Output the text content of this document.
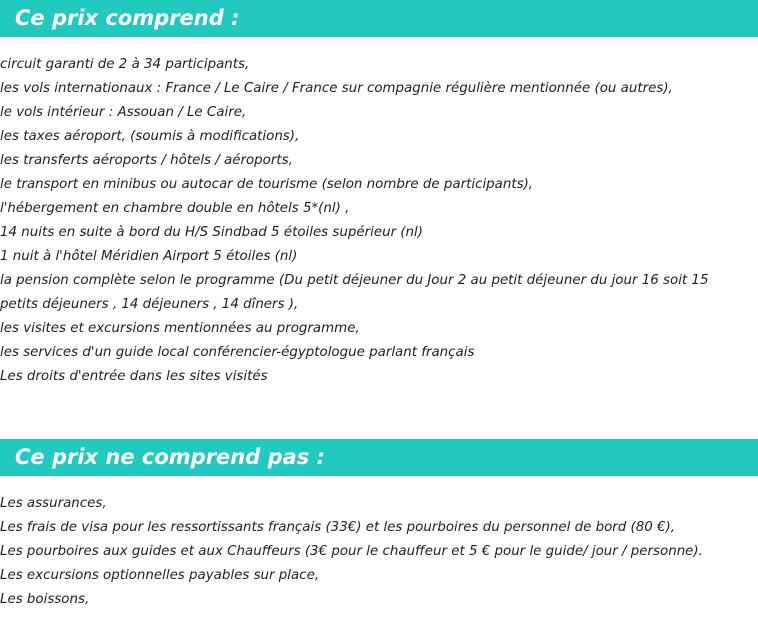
Ce prix comprend :
circuit garanti de 2 à 34 participants,
les vols internationaux : France / Le Caire / France sur compagnie régulière mentionnée (ou autres),
le vols intérieur : Assouan / Le Caire,
les taxes aéroport, (soumis à modifications),
les transferts aéroports / hôtels / aéroports,
le transport en minibus ou autocar de tourisme (selon nombre de participants),
l'hébergement en chambre double en hôtels 5*(nl) ,
14 nuits en suite à bord du H/S Sindbad 5 étoiles supérieur (nl)
1 nuit à l'hôtel Méridien Airport 5 étoiles (nl)
la pension complète selon le programme (Du petit déjeuner du Jour 2 au petit déjeuner du jour 16 soit 15 petits déjeuners , 14 déjeuners , 14 dîners ),
les visites et excursions mentionnées au programme,
les services d'un guide local conférencier-égyptologue parlant français
Les droits d'entrée dans les sites visités
Ce prix ne comprend pas :
Les assurances,
Les frais de visa pour les ressortissants français (33€) et les pourboires du personnel de bord (80 €),
Les pourboires aux guides et aux Chauffeurs (3€ pour le chauffeur et 5 € pour le guide/ jour / personne).
Les excursions optionnelles payables sur place,
Les boissons,
